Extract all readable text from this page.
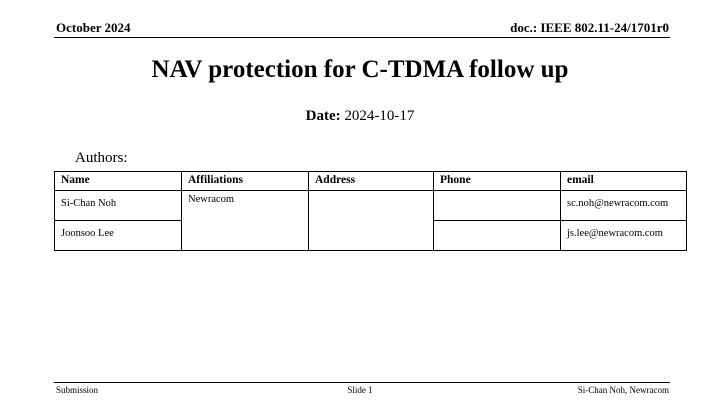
October 2024	doc.: IEEE 802.11-24/1701r0
NAV protection for C-TDMA follow up
Date: 2024-10-17
Authors:
Name	Affiliations	Address	Phone	email
Si-Chan Noh	Newracom			sc.noh@newracom.com
Joonsoo Lee				js.lee@newracom.com
Submission	Slide 1	Si-Chan Noh, Newracom
